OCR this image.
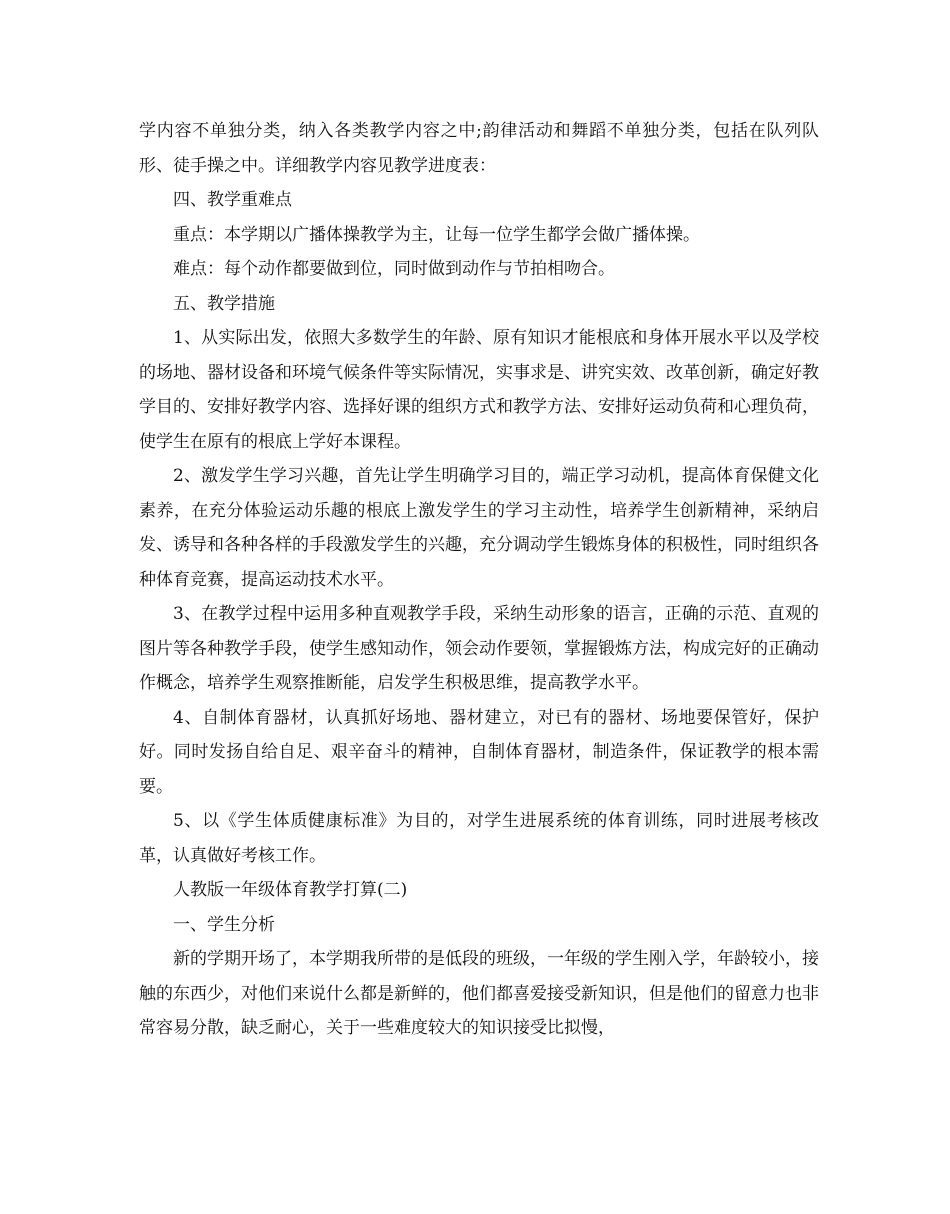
学内容不单独分类，纳入各类教学内容之中;韵律活动和舞蹈不单独分类，包括在队列队形、徒手操之中。详细教学内容见教学进度表：

四、教学重难点

重点：本学期以广播体操教学为主，让每一位学生都学会做广播体操。

难点：每个动作都要做到位，同时做到动作与节拍相吻合。

五、教学措施

1、从实际出发，依照大多数学生的年龄、原有知识才能根底和身体开展水平以及学校的场地、器材设备和环境气候条件等实际情况，实事求是、讲究实效、改革创新，确定好教学目的、安排好教学内容、选择好课的组织方式和教学方法、安排好运动负荷和心理负荷，使学生在原有的根底上学好本课程。

2、激发学生学习兴趣，首先让学生明确学习目的，端正学习动机，提高体育保健文化素养，在充分体验运动乐趣的根底上激发学生的学习主动性，培养学生创新精神，采纳启发、诱导和各种各样的手段激发学生的兴趣，充分调动学生锻炼身体的积极性，同时组织各种体育竞赛，提高运动技术水平。

3、在教学过程中运用多种直观教学手段，采纳生动形象的语言，正确的示范、直观的图片等各种教学手段，使学生感知动作，领会动作要领，掌握锻炼方法，构成完好的正确动作概念，培养学生观察推断能，启发学生积极思维，提高教学水平。

4、自制体育器材，认真抓好场地、器材建立，对已有的器材、场地要保管好，保护好。同时发扬自给自足、艰辛奋斗的精神，自制体育器材，制造条件，保证教学的根本需要。

5、以《学生体质健康标准》为目的，对学生进展系统的体育训练，同时进展考核改革，认真做好考核工作。

人教版一年级体育教学打算(二)

一、学生分析

新的学期开场了，本学期我所带的是低段的班级，一年级的学生刚入学，年龄较小，接触的东西少，对他们来说什么都是新鲜的，他们都喜爱接受新知识，但是他们的留意力也非常容易分散，缺乏耐心，关于一些难度较大的知识接受比拟慢，
